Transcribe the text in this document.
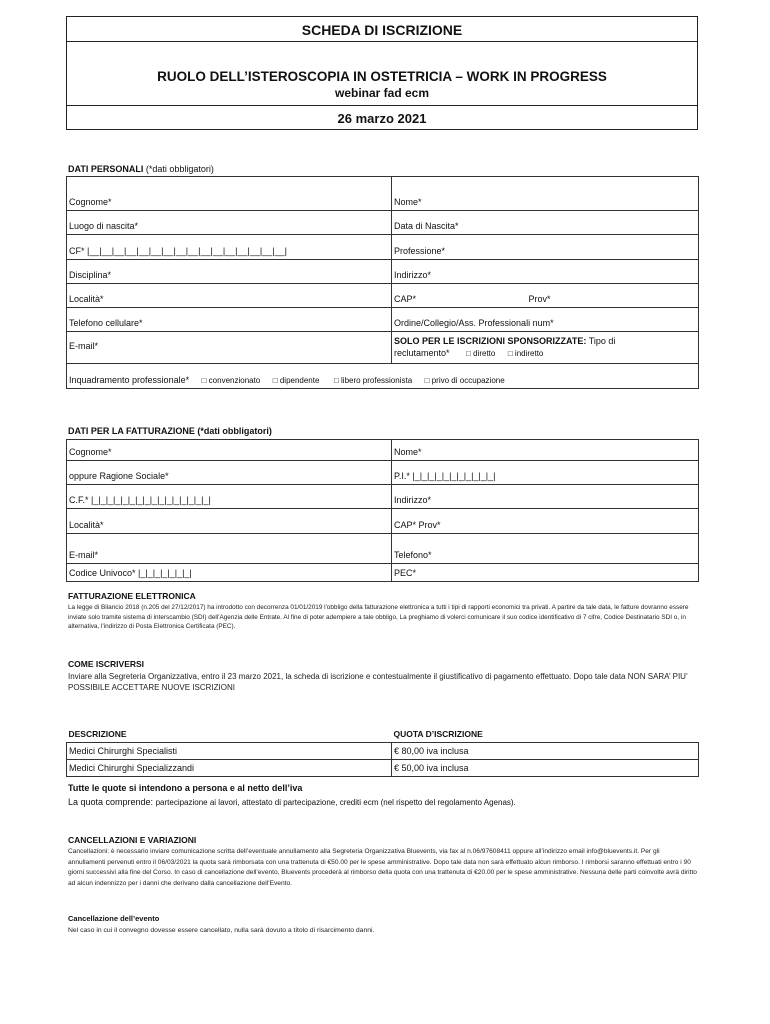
SCHEDA DI ISCRIZIONE
RUOLO DELL’ISTEROSCOPIA IN OSTETRICIA – WORK IN PROGRESS
webinar fad ecm
26 marzo 2021
DATI PERSONALI (*dati obbligatori)
Cognome*	Nome*
Luogo di nascita*	Data di Nascita*
CF* |__|__|__|__|__|__|__|__|__|__|__|__|__|__|__|__|	Professione*
Disciplina*	Indirizzo*
Località*	CAP* Prov*
Telefono cellulare*	Ordine/Collegio/Ass. Professionali num*
E-mail*	SOLO PER LE ISCRIZIONI SPONSORIZZATE: Tipo di
reclutamento* □ diretto □ indiretto
Inquadramento professionale* □ convenzionato □ dipendente □ libero professionista □ privo di occupazione	
DATI PER LA FATTURAZIONE (*dati obbligatori)
Cognome*	Nome*
oppure Ragione Sociale*	P.I.* |_|_|_|_|_|_|_|_|_|_|_|
C.F.* |_|_|_|_|_|_|_|_|_|_|_|_|_|_|_|_|	Indirizzo*
Località*	CAP* Prov*
E-mail*	Telefono*
Codice Univoco* |_|_|_|_|_|_|_|	PEC*
FATTURAZIONE ELETTRONICA
La legge di Bilancio 2018 (n.205 del 27/12/2017) ha introdotto con decorrenza 01/01/2019 l'obbligo della fatturazione elettronica a tutti i tipi di rapporti economici tra privati. A partire da tale data, le fatture dovranno essere inviate solo tramite sistema di interscambio (SDI) dell'Agenzia delle Entrate. Al fine di poter adempiere a tale obbligo, La preghiamo di volerci comunicare il suo codice identificativo di 7 cifre, Codice Destinatario SDI o, in alternativa, l'indirizzo di Posta Elettronica Certificata (PEC).
COME ISCRIVERSI
Inviare alla Segreteria Organizzativa, entro il 23 marzo 2021, la scheda di iscrizione e contestualmente il giustificativo di pagamento effettuato. Dopo tale data NON SARA’ PIU’ POSSIBILE ACCETTARE NUOVE ISCRIZIONI
DESCRIZIONE	QUOTA D’ISCRIZIONE
Medici Chirurghi Specialisti	€ 80,00 iva inclusa
Medici Chirurghi Specializzandi	€ 50,00 iva inclusa
Tutte le quote si intendono a persona e al netto dell’iva
La quota comprende: partecipazione ai lavori, attestato di partecipazione, crediti ecm (nel rispetto del regolamento Agenas).
CANCELLAZIONI E VARIAZIONI
Cancellazioni: è necessario inviare comunicazione scritta dell’eventuale annullamento alla Segreteria Organizzativa Bluevents, via fax al n.06/97608411 oppure all’indirizzo email info@bluevents.it. Per gli annullamenti pervenuti entro il 06/03/2021 la quota sarà rimborsata con una trattenuta di €50.00 per le spese amministrative. Dopo tale data non sarà effettuato alcun rimborso. I rimborsi saranno effettuati entro i 90 giorni successivi alla fine del Corso. In caso di cancellazione dell’evento, Bluevents procederà al rimborso della quota con una trattenuta di €20.00 per le spese amministrative. Nessuna delle parti coinvolte avrà diritto ad alcun indennizzo per i danni che derivano dalla cancellazione dell’Evento.
Cancellazione dell’evento
Nel caso in cui il convegno dovesse essere cancellato, nulla sarà dovuto a titolo di risarcimento danni.
